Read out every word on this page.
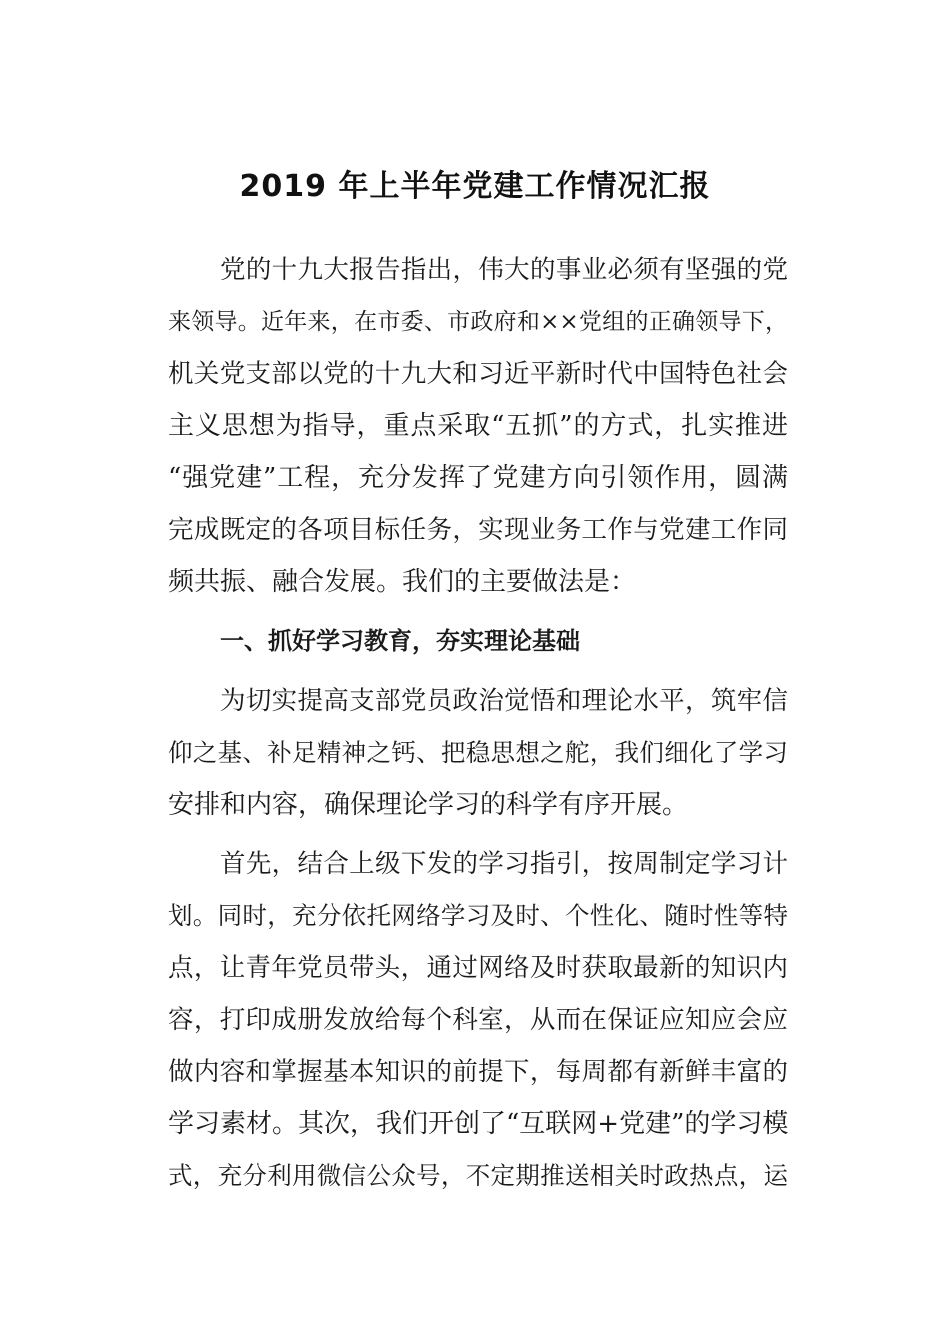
2019 年上半年党建工作情况汇报
党的十九大报告指出，伟大的事业必须有坚强的党
来领导。近年来，在市委、市政府和××党组的正确领导下，
机关党支部以党的十九大和习近平新时代中国特色社会
主义思想为指导，重点采取“五抓”的方式，扎实推进
“强党建”工程，充分发挥了党建方向引领作用，圆满
完成既定的各项目标任务，实现业务工作与党建工作同
频共振、融合发展。我们的主要做法是：
一、抓好学习教育，夯实理论基础
为切实提高支部党员政治觉悟和理论水平，筑牢信
仰之基、补足精神之钙、把稳思想之舵，我们细化了学习
安排和内容，确保理论学习的科学有序开展。
首先，结合上级下发的学习指引，按周制定学习计
划。同时，充分依托网络学习及时、个性化、随时性等特
点，让青年党员带头，通过网络及时获取最新的知识内
容，打印成册发放给每个科室，从而在保证应知应会应
做内容和掌握基本知识的前提下，每周都有新鲜丰富的
学习素材。其次，我们开创了“互联网+党建”的学习模
式，充分利用微信公众号，不定期推送相关时政热点，运
